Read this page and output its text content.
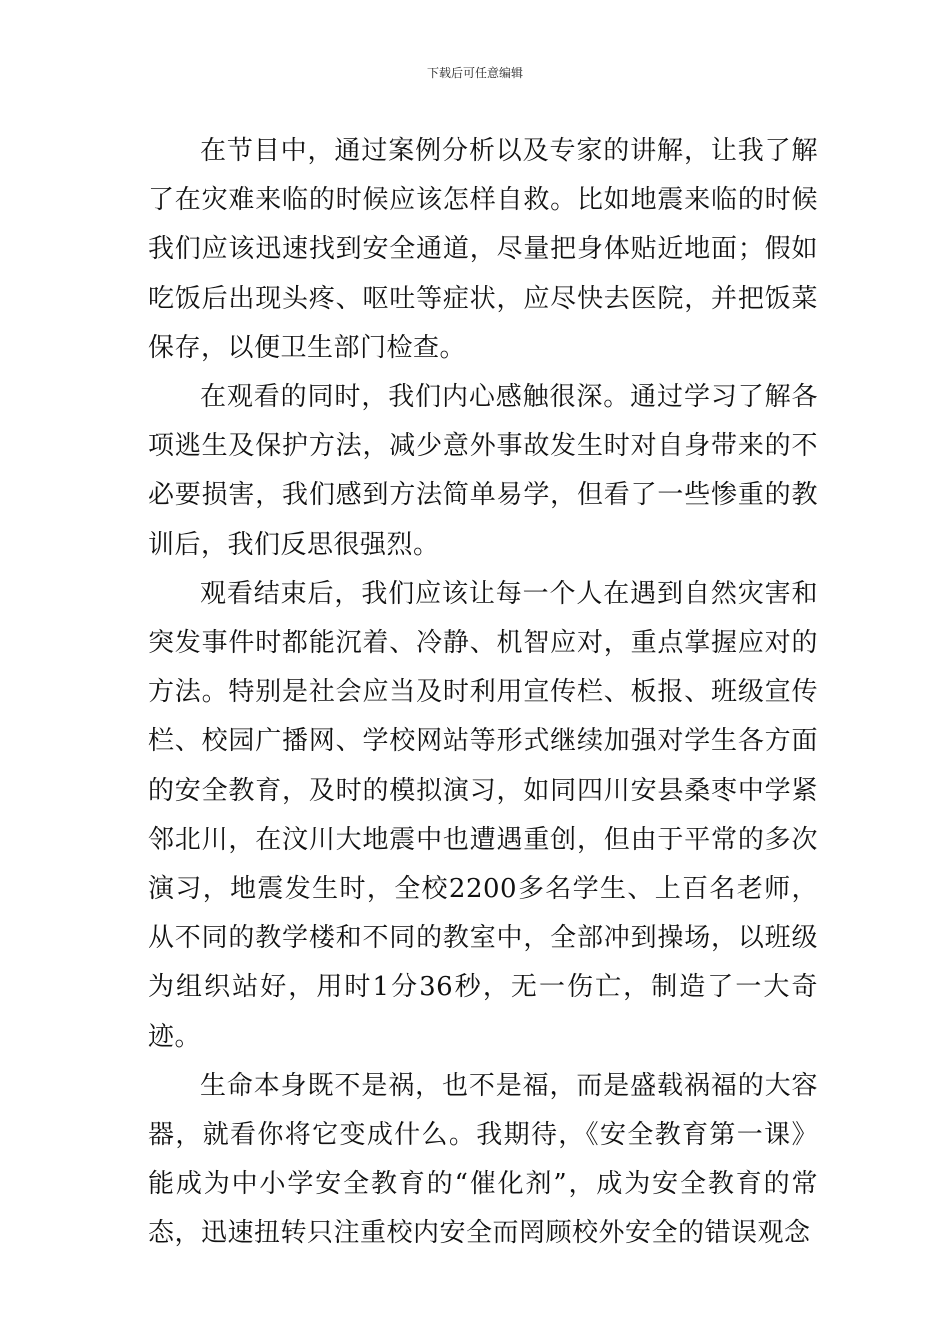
下载后可任意编辑

在节目中，通过案例分析以及专家的讲解，让我了解了在灾难来临的时候应该怎样自救。比如地震来临的时候我们应该迅速找到安全通道，尽量把身体贴近地面；假如吃饭后出现头疼、呕吐等症状，应尽快去医院，并把饭菜保存，以便卫生部门检查。

在观看的同时，我们内心感触很深。通过学习了解各项逃生及保护方法，减少意外事故发生时对自身带来的不必要损害，我们感到方法简单易学，但看了一些惨重的教训后，我们反思很强烈。

观看结束后，我们应该让每一个人在遇到自然灾害和突发事件时都能沉着、冷静、机智应对，重点掌握应对的方法。特别是社会应当及时利用宣传栏、板报、班级宣传栏、校园广播网、学校网站等形式继续加强对学生各方面的安全教育，及时的模拟演习，如同四川安县桑枣中学紧邻北川，在汶川大地震中也遭遇重创，但由于平常的多次演习，地震发生时，全校2200多名学生、上百名老师，从不同的教学楼和不同的教室中，全部冲到操场，以班级为组织站好，用时1分36秒，无一伤亡，制造了一大奇迹。

生命本身既不是祸，也不是福，而是盛载祸福的大容器，就看你将它变成什么。我期待，《安全教育第一课》能成为中小学安全教育的“催化剂”，成为安全教育的常态，迅速扭转只注重校内安全而罔顾校外安全的错误观念
